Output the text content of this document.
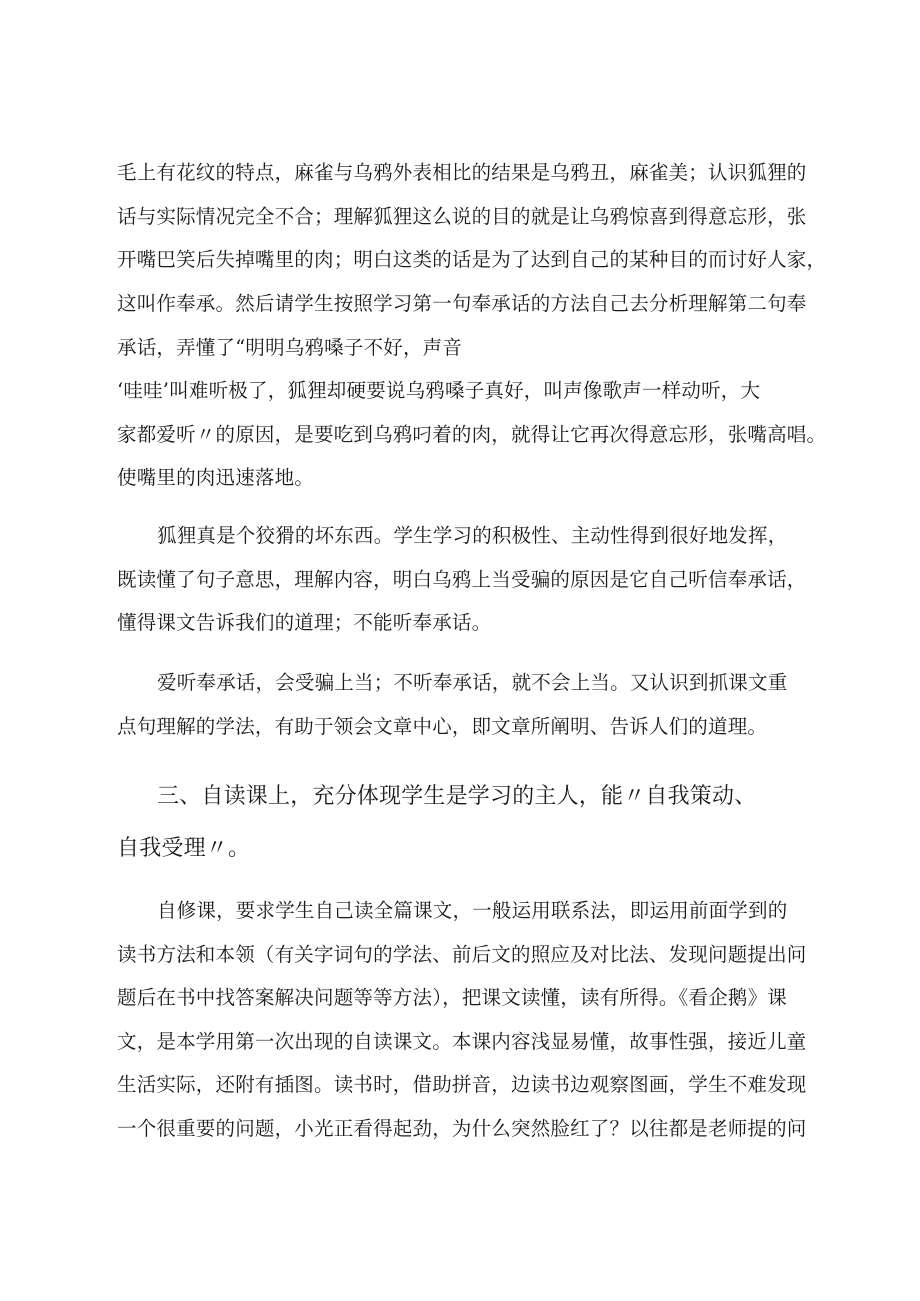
毛上有花纹的特点，麻雀与乌鸦外表相比的结果是乌鸦丑，麻雀美；认识狐狸的
话与实际情况完全不合；理解狐狸这么说的目的就是让乌鸦惊喜到得意忘形，张
开嘴巴笑后失掉嘴里的肉；明白这类的话是为了达到自己的某种目的而讨好人家，
这叫作奉承。然后请学生按照学习第一句奉承话的方法自己去分析理解第二句奉
承话，弄懂了“明明乌鸦嗓子不好，声音
‘哇哇’叫难听极了，狐狸却硬要说乌鸦嗓子真好，叫声像歌声一样动听，大
家都爱听〃的原因，是要吃到乌鸦叼着的肉，就得让它再次得意忘形，张嘴高唱。
使嘴里的肉迅速落地。
狐狸真是个狡猾的坏东西。学生学习的积极性、主动性得到很好地发挥，
既读懂了句子意思，理解内容，明白乌鸦上当受骗的原因是它自己听信奉承话，
懂得课文告诉我们的道理；不能听奉承话。
爱听奉承话，会受骗上当；不听奉承话，就不会上当。又认识到抓课文重
点句理解的学法，有助于领会文章中心，即文章所阐明、告诉人们的道理。
三、自读课上，充分体现学生是学习的主人，能〃自我策动、
自我受理〃。
自修课，要求学生自己读全篇课文，一般运用联系法，即运用前面学到的
读书方法和本领（有关字词句的学法、前后文的照应及对比法、发现问题提出问
题后在书中找答案解决问题等等方法），把课文读懂，读有所得。《看企鹅》课
文，是本学用第一次出现的自读课文。本课内容浅显易懂，故事性强，接近儿童
生活实际，还附有插图。读书时，借助拼音，边读书边观察图画，学生不难发现
一个很重要的问题，小光正看得起劲，为什么突然脸红了？以往都是老师提的问
